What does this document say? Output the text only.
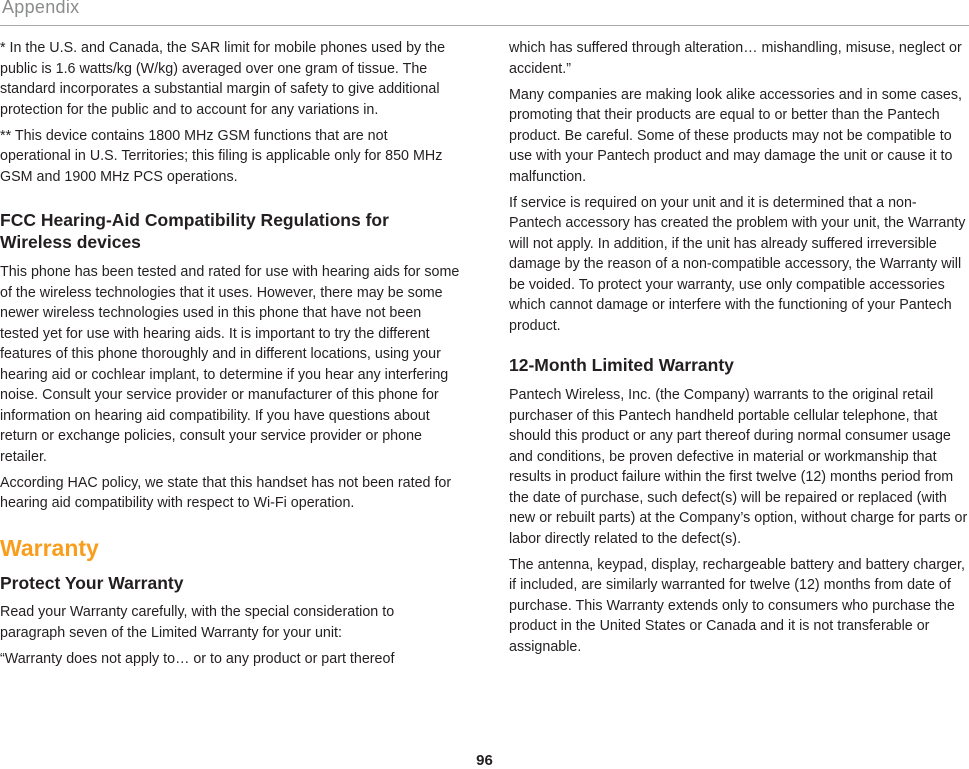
Appendix

* In the U.S. and Canada, the SAR limit for mobile phones used by the public is 1.6 watts/kg (W/kg) averaged over one gram of tissue. The standard incorporates a substantial margin of safety to give additional protection for the public and to account for any variations in.

** This device contains 1800 MHz GSM functions that are not operational in U.S. Territories; this filing is applicable only for 850 MHz GSM and 1900 MHz PCS operations.

FCC Hearing-Aid Compatibility Regulations for Wireless devices

This phone has been tested and rated for use with hearing aids for some of the wireless technologies that it uses. However, there may be some newer wireless technologies used in this phone that have not been tested yet for use with hearing aids. It is important to try the different features of this phone thoroughly and in different locations, using your hearing aid or cochlear implant, to determine if you hear any interfering noise. Consult your service provider or manufacturer of this phone for information on hearing aid compatibility. If you have questions about return or exchange policies, consult your service provider or phone retailer.

According HAC policy, we state that this handset has not been rated for hearing aid compatibility with respect to Wi-Fi operation.

Warranty
Protect Your Warranty

Read your Warranty carefully, with the special consideration to paragraph seven of the Limited Warranty for your unit:

“Warranty does not apply to… or to any product or part thereof

which has suffered through alteration… mishandling, misuse, neglect or accident.”

Many companies are making look alike accessories and in some cases, promoting that their products are equal to or better than the Pantech product. Be careful. Some of these products may not be compatible to use with your Pantech product and may damage the unit or cause it to malfunction.

If service is required on your unit and it is determined that a non-Pantech accessory has created the problem with your unit, the Warranty will not apply. In addition, if the unit has already suffered irreversible damage by the reason of a non-compatible accessory, the Warranty will be voided. To protect your warranty, use only compatible accessories which cannot damage or interfere with the functioning of your Pantech product.

12-Month Limited Warranty

Pantech Wireless, Inc. (the Company) warrants to the original retail purchaser of this Pantech handheld portable cellular telephone, that should this product or any part thereof during normal consumer usage and conditions, be proven defective in material or workmanship that results in product failure within the first twelve (12) months period from the date of purchase, such defect(s) will be repaired or replaced (with new or rebuilt parts) at the Company’s option, without charge for parts or labor directly related to the defect(s).

The antenna, keypad, display, rechargeable battery and battery charger, if included, are similarly warranted for twelve (12) months from date of purchase. This Warranty extends only to consumers who purchase the product in the United States or Canada and it is not transferable or assignable.

96
